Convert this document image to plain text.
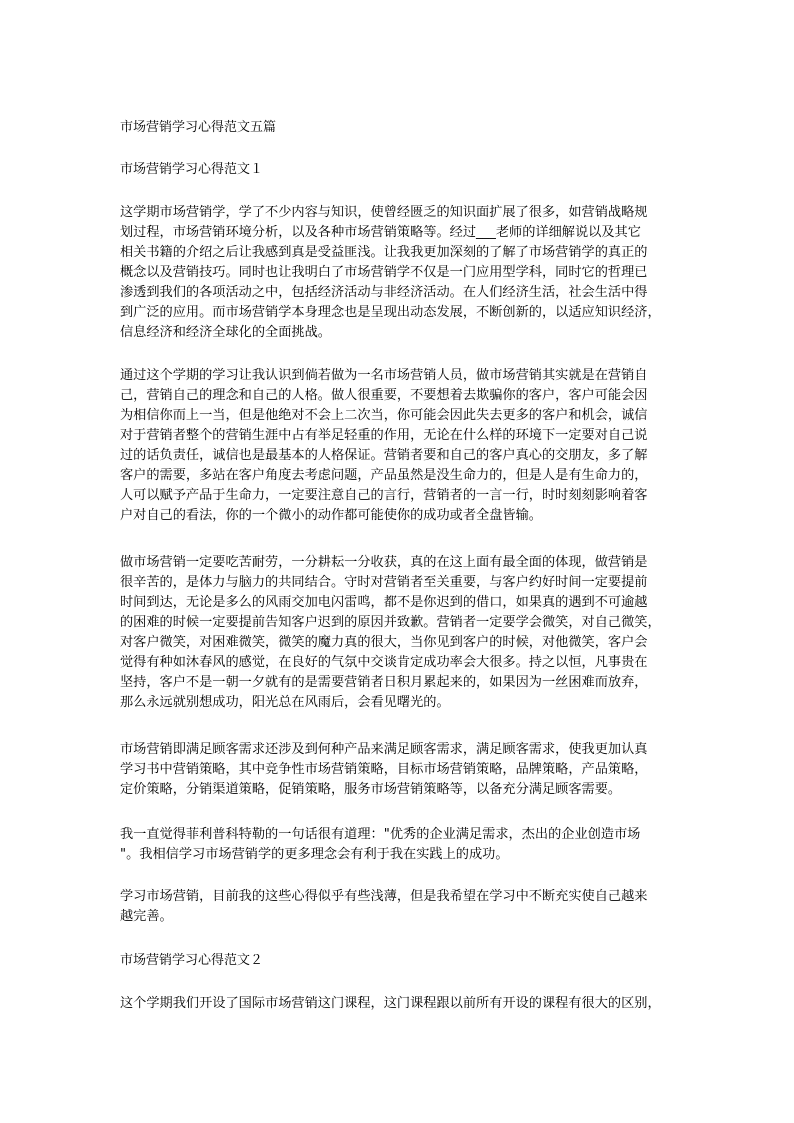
市场营销学习心得范文五篇
市场营销学习心得范文１
这学期市场营销学，学了不少内容与知识，使曾经匮乏的知识面扩展了很多，如营销战略规
划过程，市场营销环境分析，以及各种市场营销策略等。经过___老师的详细解说以及其它
相关书籍的介绍之后让我感到真是受益匪浅。让我我更加深刻的了解了市场营销学的真正的
概念以及营销技巧。同时也让我明白了市场营销学不仅是一门应用型学科，同时它的哲理已
渗透到我们的各项活动之中，包括经济活动与非经济活动。在人们经济生活，社会生活中得
到广泛的应用。而市场营销学本身理念也是呈现出动态发展，不断创新的，以适应知识经济，
信息经济和经济全球化的全面挑战。
通过这个学期的学习让我认识到倘若做为一名市场营销人员，做市场营销其实就是在营销自
己，营销自己的理念和自己的人格。做人很重要，不要想着去欺骗你的客户，客户可能会因
为相信你而上一当，但是他绝对不会上二次当，你可能会因此失去更多的客户和机会，诚信
对于营销者整个的营销生涯中占有举足轻重的作用，无论在什么样的环境下一定要对自己说
过的话负责任，诚信也是最基本的人格保证。营销者要和自己的客户真心的交朋友，多了解
客户的需要，多站在客户角度去考虑问题，产品虽然是没生命力的，但是人是有生命力的，
人可以赋予产品于生命力，一定要注意自己的言行，营销者的一言一行，时时刻刻影响着客
户对自己的看法，你的一个微小的动作都可能使你的成功或者全盘皆输。
做市场营销一定要吃苦耐劳，一分耕耘一分收获，真的在这上面有最全面的体现，做营销是
很辛苦的，是体力与脑力的共同结合。守时对营销者至关重要，与客户约好时间一定要提前
时间到达，无论是多么的风雨交加电闪雷鸣，都不是你迟到的借口，如果真的遇到不可逾越
的困难的时候一定要提前告知客户迟到的原因并致歉。营销者一定要学会微笑，对自己微笑，
对客户微笑，对困难微笑，微笑的魔力真的很大，当你见到客户的时候，对他微笑，客户会
觉得有种如沐春风的感觉，在良好的气氛中交谈肯定成功率会大很多。持之以恒，凡事贵在
坚持，客户不是一朝一夕就有的是需要营销者日积月累起来的，如果因为一丝困难而放弃，
那么永远就别想成功，阳光总在风雨后，会看见曙光的。
市场营销即满足顾客需求还涉及到何种产品来满足顾客需求，满足顾客需求，使我更加认真
学习书中营销策略，其中竞争性市场营销策略，目标市场营销策略，品牌策略，产品策略，
定价策略，分销渠道策略，促销策略，服务市场营销策略等，以备充分满足顾客需要。
我一直觉得菲利普科特勒的一句话很有道理："优秀的企业满足需求，杰出的企业创造市场
"。我相信学习市场营销学的更多理念会有利于我在实践上的成功。
学习市场营销，目前我的这些心得似乎有些浅薄，但是我希望在学习中不断充实使自己越来
越完善。
市场营销学习心得范文２
这个学期我们开设了国际市场营销这门课程，这门课程跟以前所有开设的课程有很大的区别，
